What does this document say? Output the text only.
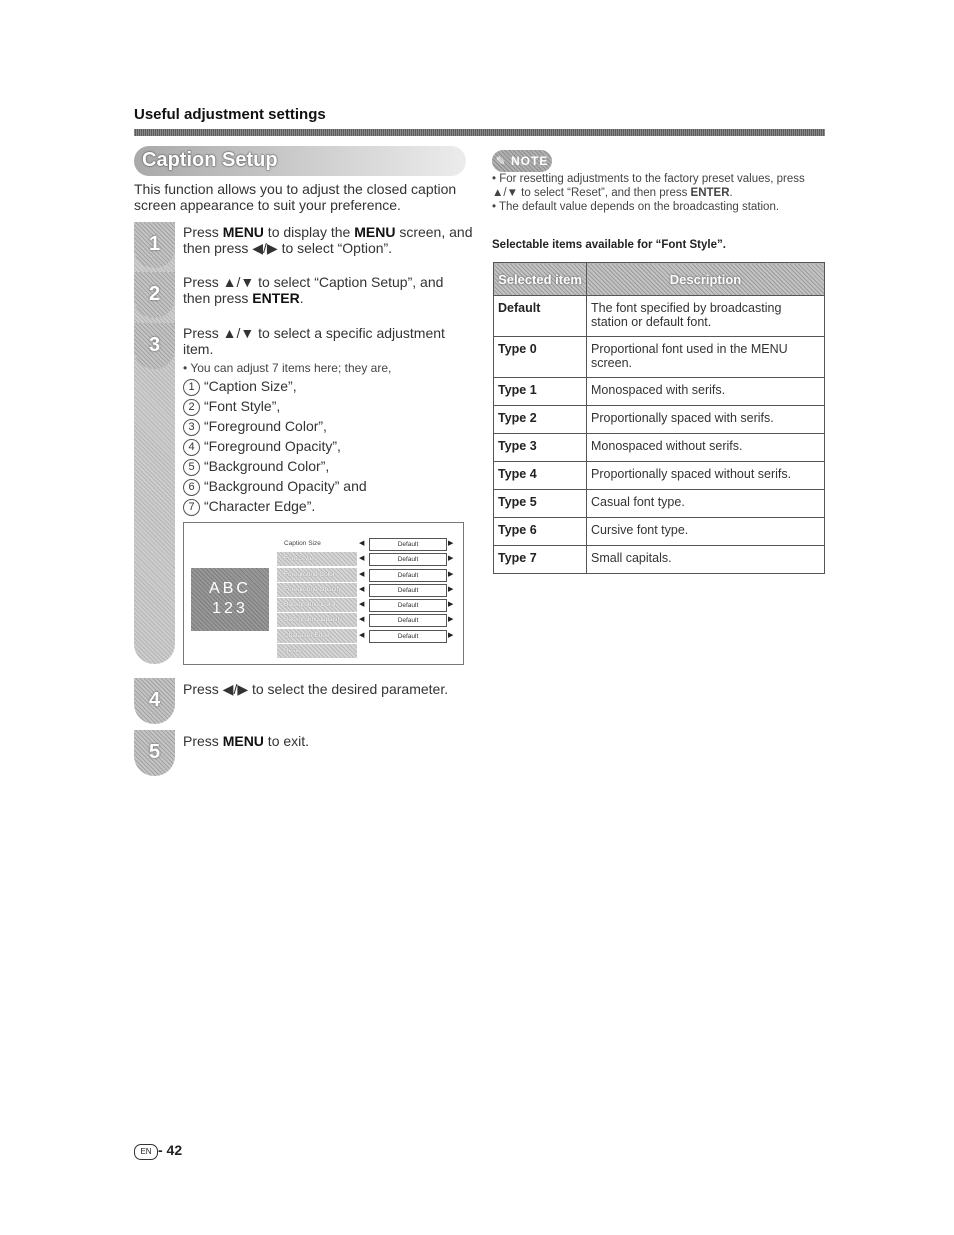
Useful adjustment settings
Caption Setup
This function allows you to adjust the closed caption screen appearance to suit your preference.
1
2
3
4
5
Press MENU to display the MENU screen, and then press ◀/▶ to select “Option”.
Press ▲/▼ to select “Caption Setup”, and then press ENTER.
Press ▲/▼ to select a specific adjustment item.
• You can adjust 7 items here; they are,
1 “Caption Size”,
2 “Font Style”,
3 “Foreground Color”,
4 “Foreground Opacity”,
5 “Background Color”,
6 “Background Opacity” and
7 “Character Edge”.
ABC
123
Caption Size	◀	Default	▶
Font Style	◀	Default	▶
Foreground Color	◀	Default	▶
Foreground Opacity	◀	Default	▶
Background Color	◀	Default	▶
Background Opacity	◀	Default	▶
Character Edge	◀	Default	▶
Reset
Press ◀/▶ to select the desired parameter.
Press MENU to exit.
✎ NOTE
• For resetting adjustments to the factory preset values, press ▲/▼ to select “Reset”, and then press ENTER.
• The default value depends on the broadcasting station.
Selectable items available for “Font Style”.
Selected item	Description
Default	The font specified by broadcasting station or default font.
Type 0	Proportional font used in the MENU screen.
Type 1	Monospaced with serifs.
Type 2	Proportionally spaced with serifs.
Type 3	Monospaced without serifs.
Type 4	Proportionally spaced without serifs.
Type 5	Casual font type.
Type 6	Cursive font type.
Type 7	Small capitals.
EN - 42
